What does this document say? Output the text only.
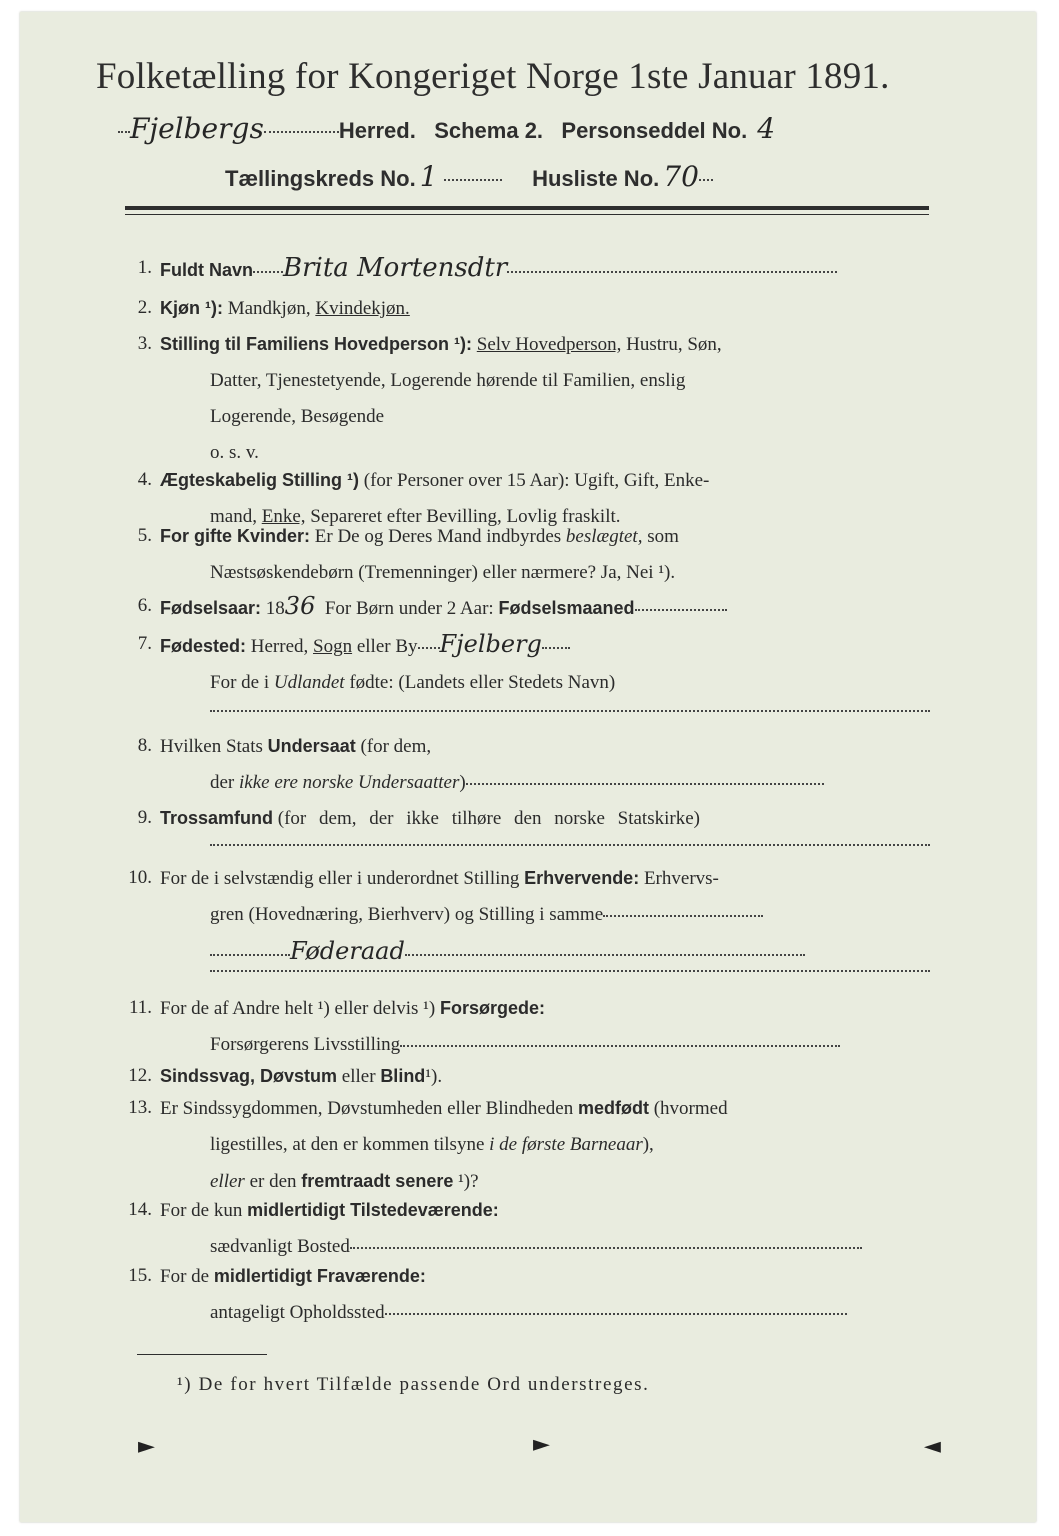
Folketælling for Kongeriget Norge 1ste Januar 1891.
Fjelbergs	Herred. Schema 2. Personseddel No. 4
Tællingskreds No. 1	Husliste No. 70
1. Fuldt Navn Brita Mortensdtr
2. Kjøn ¹): Mandkjøn, Kvindekjøn.
3. Stilling til Familiens Hovedperson ¹): Selv Hovedperson, Hustru, Søn,
Datter, Tjenestetyende, Logerende hørende til Familien, enslig
Logerende, Besøgende
o. s. v.
4. Ægteskabelig Stilling ¹) (for Personer over 15 Aar): Ugift, Gift, Enke-
mand, Enke, Separeret efter Bevilling, Lovlig fraskilt.
5. For gifte Kvinder: Er De og Deres Mand indbyrdes beslægtet, som
Næstsøskendebørn (Tremenninger) eller nærmere? Ja, Nei ¹).
6. Fødselsaar: 1836 For Børn under 2 Aar: Fødselsmaaned
7. Fødested: Herred, Sogn eller By Fjelberg
For de i Udlandet fødte: (Landets eller Stedets Navn)
8. Hvilken Stats Undersaat (for dem,
der ikke ere norske Undersaatter)
9. Trossamfund (for dem, der ikke tilhøre den norske Statskirke)
10. For de i selvstændig eller i underordnet Stilling Erhvervende: Erhvervs-
gren (Hovednæring, Bierhverv) og Stilling i samme
Føderaad
11. For de af Andre helt ¹) eller delvis ¹) Forsørgede:
Forsørgerens Livsstilling
12. Sindssvag, Døvstum eller Blind¹).
13. Er Sindssygdommen, Døvstumheden eller Blindheden medfødt (hvormed
ligestilles, at den er kommen tilsyne i de første Barneaar),
eller er den fremtraadt senere ¹)?
14. For de kun midlertidigt Tilstedeværende:
sædvanligt Bosted
15. For de midlertidigt Fraværende:
antageligt Opholdssted
¹) De for hvert Tilfælde passende Ord understreges.
►	►	►
